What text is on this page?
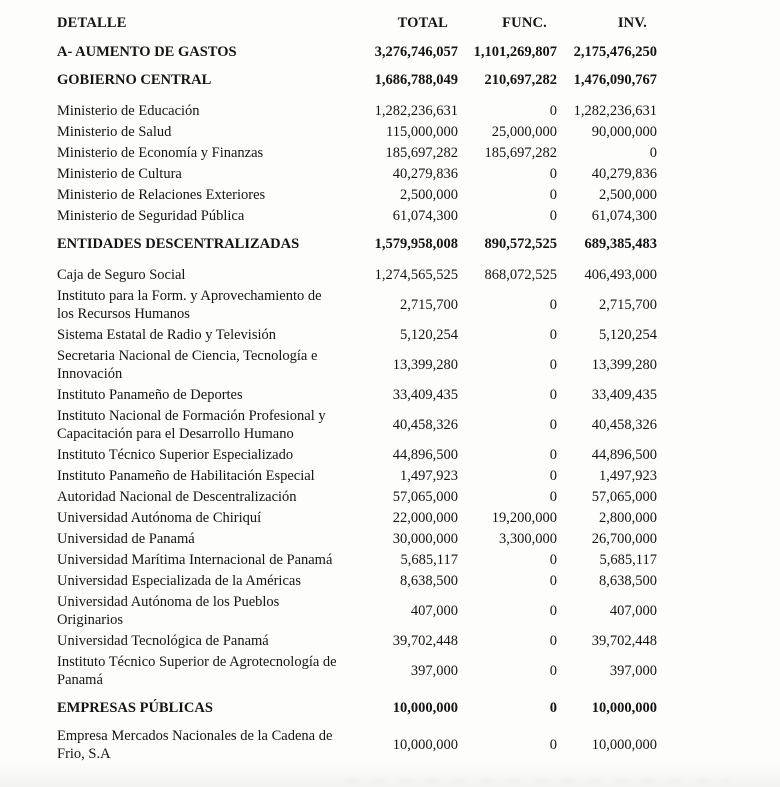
DETALLE	TOTAL	FUNC.	INV.
A- AUMENTO DE GASTOS	3,276,746,057	1,101,269,807	2,175,476,250
GOBIERNO CENTRAL	1,686,788,049	210,697,282	1,476,090,767
Ministerio de Educación	1,282,236,631	0	1,282,236,631
Ministerio de Salud	115,000,000	25,000,000	90,000,000
Ministerio de Economía y Finanzas	185,697,282	185,697,282	0
Ministerio de Cultura	40,279,836	0	40,279,836
Ministerio de Relaciones Exteriores	2,500,000	0	2,500,000
Ministerio de Seguridad Pública	61,074,300	0	61,074,300
ENTIDADES DESCENTRALIZADAS	1,579,958,008	890,572,525	689,385,483
Caja de Seguro Social	1,274,565,525	868,072,525	406,493,000
Instituto para la Form. y Aprovechamiento de los Recursos Humanos	2,715,700	0	2,715,700
Sistema Estatal de Radio y Televisión	5,120,254	0	5,120,254
Secretaria Nacional de Ciencia, Tecnología e Innovación	13,399,280	0	13,399,280
Instituto Panameño de Deportes	33,409,435	0	33,409,435
Instituto Nacional de Formación Profesional y Capacitación para el Desarrollo Humano	40,458,326	0	40,458,326
Instituto Técnico Superior Especializado	44,896,500	0	44,896,500
Instituto Panameño de Habilitación Especial	1,497,923	0	1,497,923
Autoridad Nacional de Descentralización	57,065,000	0	57,065,000
Universidad Autónoma de Chiriquí	22,000,000	19,200,000	2,800,000
Universidad de Panamá	30,000,000	3,300,000	26,700,000
Universidad Marítima Internacional de Panamá	5,685,117	0	5,685,117
Universidad Especializada de la Américas	8,638,500	0	8,638,500
Universidad Autónoma de los Pueblos Originarios	407,000	0	407,000
Universidad Tecnológica de Panamá	39,702,448	0	39,702,448
Instituto Técnico Superior de Agrotecnología de Panamá	397,000	0	397,000
EMPRESAS PÚBLICAS	10,000,000	0	10,000,000
Empresa Mercados Nacionales de la Cadena de Frio, S.A	10,000,000	0	10,000,000
